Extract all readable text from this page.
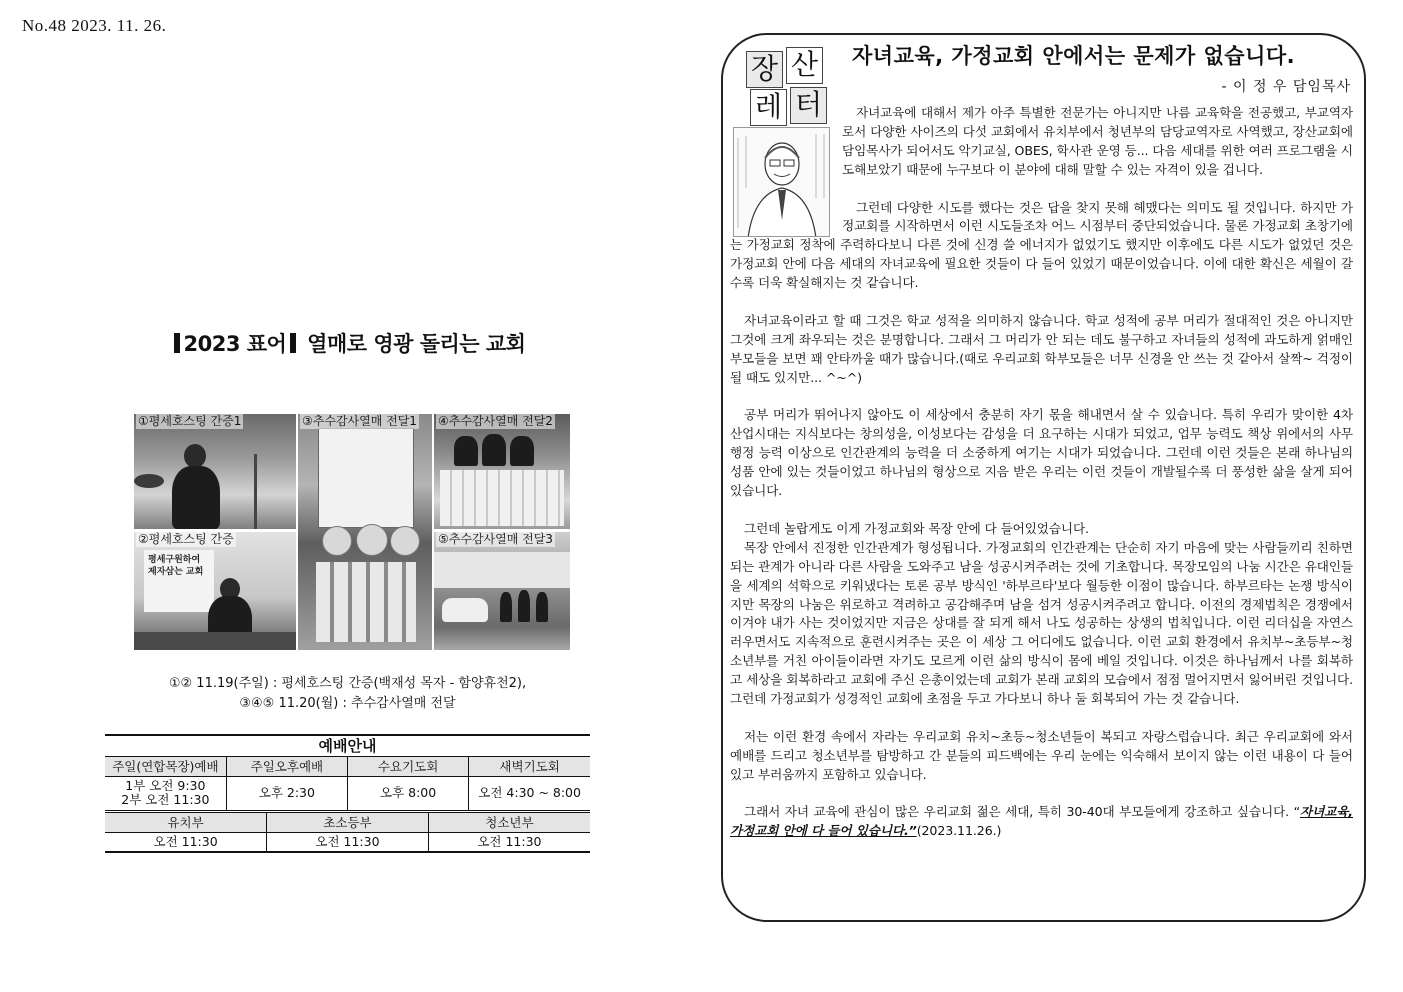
No.48 2023. 11. 26.
2023 표어 열매로 영광 돌리는 교회
①평세호스팅 간증1
평세구원하여 제자삼는 교회
②평세호스팅 간증
③추수감사열매 전달1 ④추수감사열매 전달2
⑤추수감사열매 전달3
①② 11.19(주일) : 평세호스팅 간증(백재성 목자 - 함양휴천2),
③④⑤ 11.20(월) : 추수감사열매 전달
예배안내
주일(연합목장)예배	주일오후예배	수요기도회	새벽기도회

1부 오전 9:30
2부 오전 11:30	오후 2:30	오후 8:00	오전 4:30 ~ 8:00
유치부	초소등부	청소년부
오전 11:30	오전 11:30	오전 11:30
장 산
레 터
자녀교육, 가정교회 안에서는 문제가 없습니다.
- 이 정 우 담임목사

자녀교육에 대해서 제가 아주 특별한 전문가는 아니지만 나름 교육학을 전공했고, 부교역자로서 다양한 사이즈의 다섯 교회에서 유치부에서 청년부의 담당교역자로 사역했고, 장산교회에 담임목사가 되어서도 악기교실, OBES, 학사관 운영 등... 다음 세대를 위한 여러 프로그램을 시도해보았기 때문에 누구보다 이 분야에 대해 말할 수 있는 자격이 있을 겁니다.

그런데 다양한 시도를 했다는 것은 답을 찾지 못해 헤맸다는 의미도 될 것입니다. 하지만 가정교회를 시작하면서 이런 시도들조차 어느 시점부터 중단되었습니다. 물론 가정교회 초창기에는 가정교회 정착에 주력하다보니 다른 것에 신경 쓸 에너지가 없었기도 했지만 이후에도 다른 시도가 없었던 것은 가정교회 안에 다음 세대의 자녀교육에 필요한 것들이 다 들어 있었기 때문이었습니다. 이에 대한 확신은 세월이 갈수록 더욱 확실해지는 것 같습니다.

자녀교육이라고 할 때 그것은 학교 성적을 의미하지 않습니다. 학교 성적에 공부 머리가 절대적인 것은 아니지만 그것에 크게 좌우되는 것은 분명합니다. 그래서 그 머리가 안 되는 데도 불구하고 자녀들의 성적에 과도하게 얽매인 부모들을 보면 꽤 안타까울 때가 많습니다.(때로 우리교회 학부모들은 너무 신경을 안 쓰는 것 같아서 살짝~ 걱정이 될 때도 있지만... ^~^)

공부 머리가 뛰어나지 않아도 이 세상에서 충분히 자기 몫을 해내면서 살 수 있습니다. 특히 우리가 맞이한 4차 산업시대는 지식보다는 창의성을, 이성보다는 감성을 더 요구하는 시대가 되었고, 업무 능력도 책상 위에서의 사무 행정 능력 이상으로 인간관계의 능력을 더 소중하게 여기는 시대가 되었습니다. 그런데 이런 것들은 본래 하나님의 성품 안에 있는 것들이었고 하나님의 형상으로 지음 받은 우리는 이런 것들이 개발될수록 더 풍성한 삶을 살게 되어 있습니다.

그런데 놀랍게도 이게 가정교회와 목장 안에 다 들어있었습니다.

목장 안에서 진정한 인간관계가 형성됩니다. 가정교회의 인간관계는 단순히 자기 마음에 맞는 사람들끼리 친하면 되는 관계가 아니라 다른 사람을 도와주고 남을 성공시켜주려는 것에 기초합니다. 목장모임의 나눔 시간은 유대인들을 세계의 석학으로 키워냈다는 토론 공부 방식인 '하부르타'보다 월등한 이점이 많습니다. 하부르타는 논쟁 방식이지만 목장의 나눔은 위로하고 격려하고 공감해주며 남을 섬겨 성공시켜주려고 합니다. 이전의 경제법칙은 경쟁에서 이겨야 내가 사는 것이었지만 지금은 상대를 잘 되게 해서 나도 성공하는 상생의 법칙입니다. 이런 리더십을 자연스러우면서도 지속적으로 훈련시켜주는 곳은 이 세상 그 어디에도 없습니다. 이런 교회 환경에서 유치부~초등부~청소년부를 거친 아이들이라면 자기도 모르게 이런 삶의 방식이 몸에 베일 것입니다. 이것은 하나님께서 나를 회복하고 세상을 회복하라고 교회에 주신 은총이었는데 교회가 본래 교회의 모습에서 점점 멀어지면서 잃어버린 것입니다. 그런데 가정교회가 성경적인 교회에 초점을 두고 가다보니 하나 둘 회복되어 가는 것 같습니다.

저는 이런 환경 속에서 자라는 우리교회 유치~초등~청소년들이 복되고 자랑스럽습니다. 최근 우리교회에 와서 예배를 드리고 청소년부를 탐방하고 간 분들의 피드백에는 우리 눈에는 익숙해서 보이지 않는 이런 내용이 다 들어있고 부러움까지 포함하고 있습니다.

그래서 자녀 교육에 관심이 많은 우리교회 젊은 세대, 특히 30-40대 부모들에게 강조하고 싶습니다. “자녀교육, 가정교회 안에 다 들어 있습니다.”(2023.11.26.)
